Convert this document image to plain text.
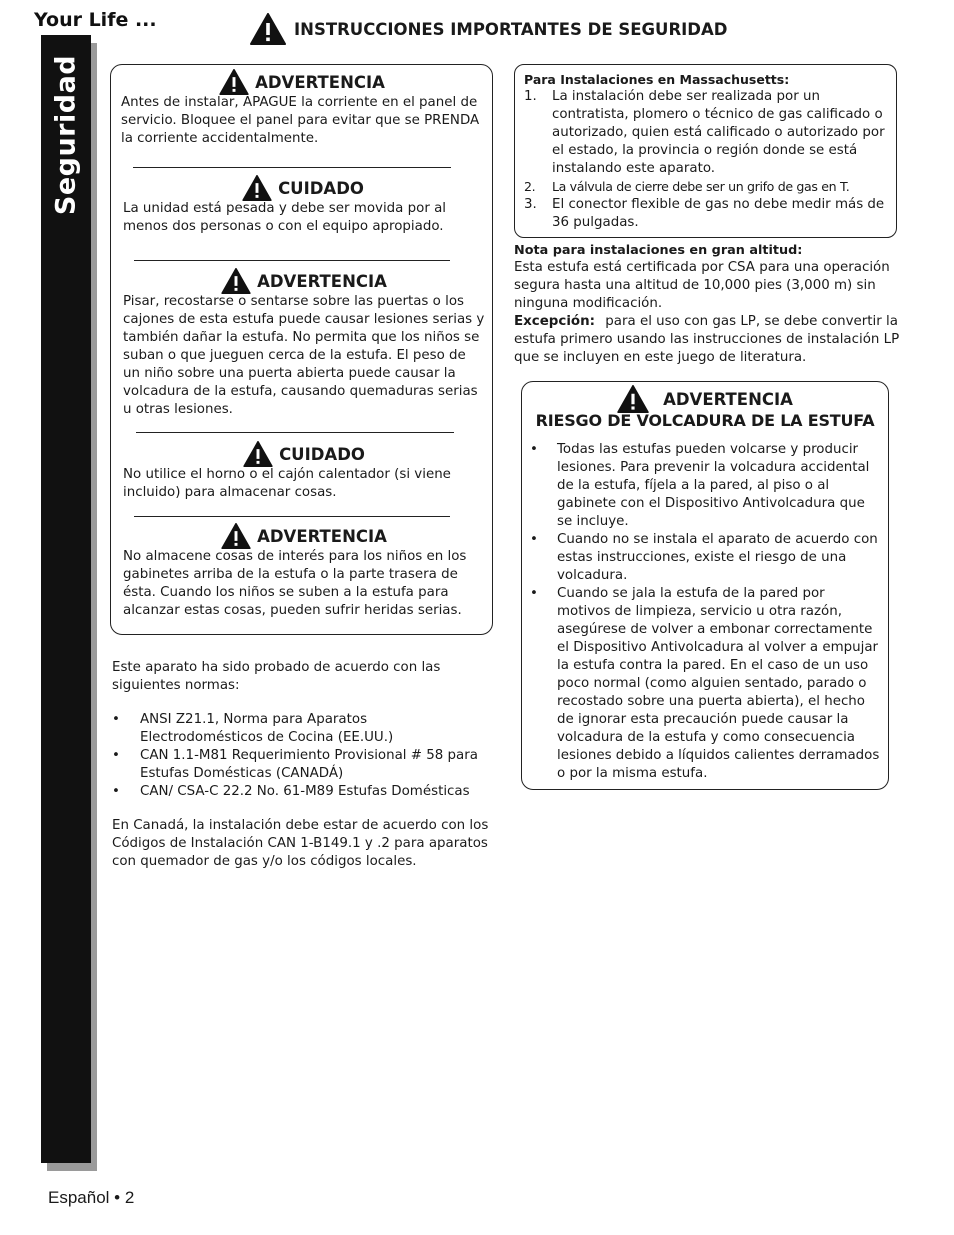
Your Life ...
Seguridad
INSTRUCCIONES IMPORTANTES DE SEGURIDAD
ADVERTENCIA

Antes de instalar, APAGUE la corriente en el panel de servicio. Bloquee el panel para evitar que se PRENDA la corriente accidentalmente.

CUIDADO

La unidad está pesada y debe ser movida por al menos dos personas o con el equipo apropiado.

ADVERTENCIA

Pisar, recostarse o sentarse sobre las puertas o los cajones de esta estufa puede causar lesiones serias y también dañar la estufa. No permita que los niños se suban o que jueguen cerca de la estufa. El peso de un niño sobre una puerta abierta puede causar la volcadura de la estufa, causando quemaduras serias u otras lesiones.

CUIDADO

No utilice el horno o el cajón calentador (si viene incluido) para almacenar cosas.

ADVERTENCIA

No almacene cosas de interés para los niños en los gabinetes arriba de la estufa o la parte trasera de ésta. Cuando los niños se suben a la estufa para alcanzar estas cosas, pueden sufrir heridas serias.

Este aparato ha sido probado de acuerdo con las siguientes normas:

• ANSI Z21.1, Norma para Aparatos Electrodomésticos de Cocina (EE.UU.)
• CAN 1.1-M81 Requerimiento Provisional # 58 para Estufas Domésticas (CANADÁ)
• CAN/ CSA-C 22.2 No. 61-M89 Estufas Domésticas

En Canadá, la instalación debe estar de acuerdo con los Códigos de Instalación CAN 1-B149.1 y .2 para aparatos con quemador de gas y/o los códigos locales.

Para Instalaciones en Massachusetts:
1. La instalación debe ser realizada por un contratista, plomero o técnico de gas calificado o autorizado, quien está calificado o autorizado por el estado, la provincia o región donde se está instalando este aparato.
2. La válvula de cierre debe ser un grifo de gas en T.
3. El conector flexible de gas no debe medir más de 36 pulgadas.
Nota para instalaciones en gran altitud:

Esta estufa está certificada por CSA para una operación segura hasta una altitud de 10,000 pies (3,000 m) sin ninguna modificación.

Excepción: para el uso con gas LP, se debe convertir la estufa primero usando las instrucciones de instalación LP que se incluyen en este juego de literatura.

ADVERTENCIA
RIESGO DE VOLCADURA DE LA ESTUFA
• Todas las estufas pueden volcarse y producir lesiones. Para prevenir la volcadura accidental de la estufa, fíjela a la pared, al piso o al gabinete con el Dispositivo Antivolcadura que se incluye.
• Cuando no se instala el aparato de acuerdo con estas instrucciones, existe el riesgo de una volcadura.
• Cuando se jala la estufa de la pared por motivos de limpieza, servicio u otra razón, asegúrese de volver a embonar correctamente el Dispositivo Antivolcadura al volver a empujar la estufa contra la pared. En el caso de un uso poco normal (como alguien sentado, parado o recostado sobre una puerta abierta), el hecho de ignorar esta precaución puede causar la volcadura de la estufa y como consecuencia lesiones debido a líquidos calientes derramados o por la misma estufa.
Español • 2
